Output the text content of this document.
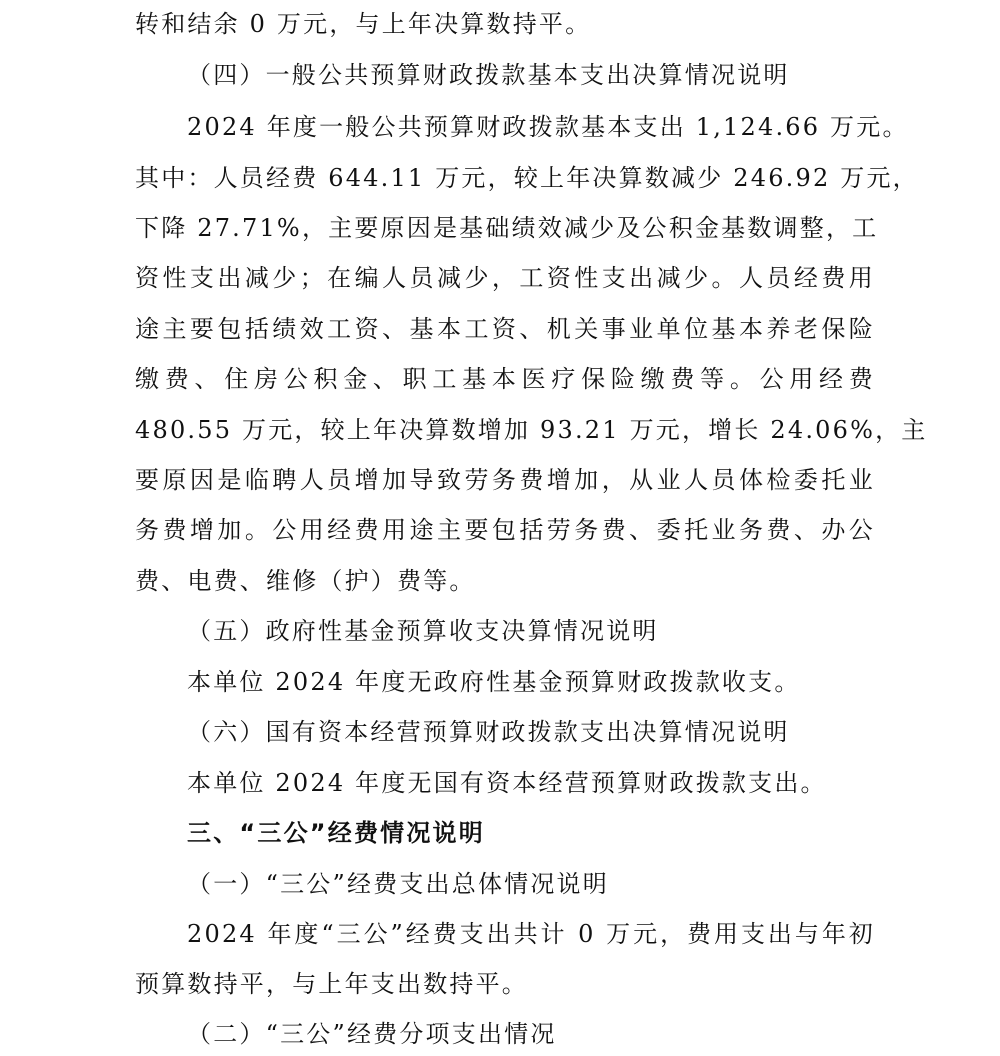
转和结余 0 万元，与上年决算数持平。
（四）一般公共预算财政拨款基本支出决算情况说明
2024 年度一般公共预算财政拨款基本支出 1,124.66 万元。
其中：人员经费 644.11 万元，较上年决算数减少 246.92 万元，
下降 27.71%，主要原因是基础绩效减少及公积金基数调整，工
资性支出减少；在编人员减少，工资性支出减少。人员经费用
途主要包括绩效工资、基本工资、机关事业单位基本养老保险
缴费、住房公积金、职工基本医疗保险缴费等。公用经费
480.55 万元，较上年决算数增加 93.21 万元，增长 24.06%，主
要原因是临聘人员增加导致劳务费增加，从业人员体检委托业
务费增加。公用经费用途主要包括劳务费、委托业务费、办公
费、电费、维修（护）费等。
（五）政府性基金预算收支决算情况说明
本单位 2024 年度无政府性基金预算财政拨款收支。
（六）国有资本经营预算财政拨款支出决算情况说明
本单位 2024 年度无国有资本经营预算财政拨款支出。
三、“三公”经费情况说明
（一）“三公”经费支出总体情况说明
2024 年度“三公”经费支出共计 0 万元，费用支出与年初
预算数持平，与上年支出数持平。
（二）“三公”经费分项支出情况
